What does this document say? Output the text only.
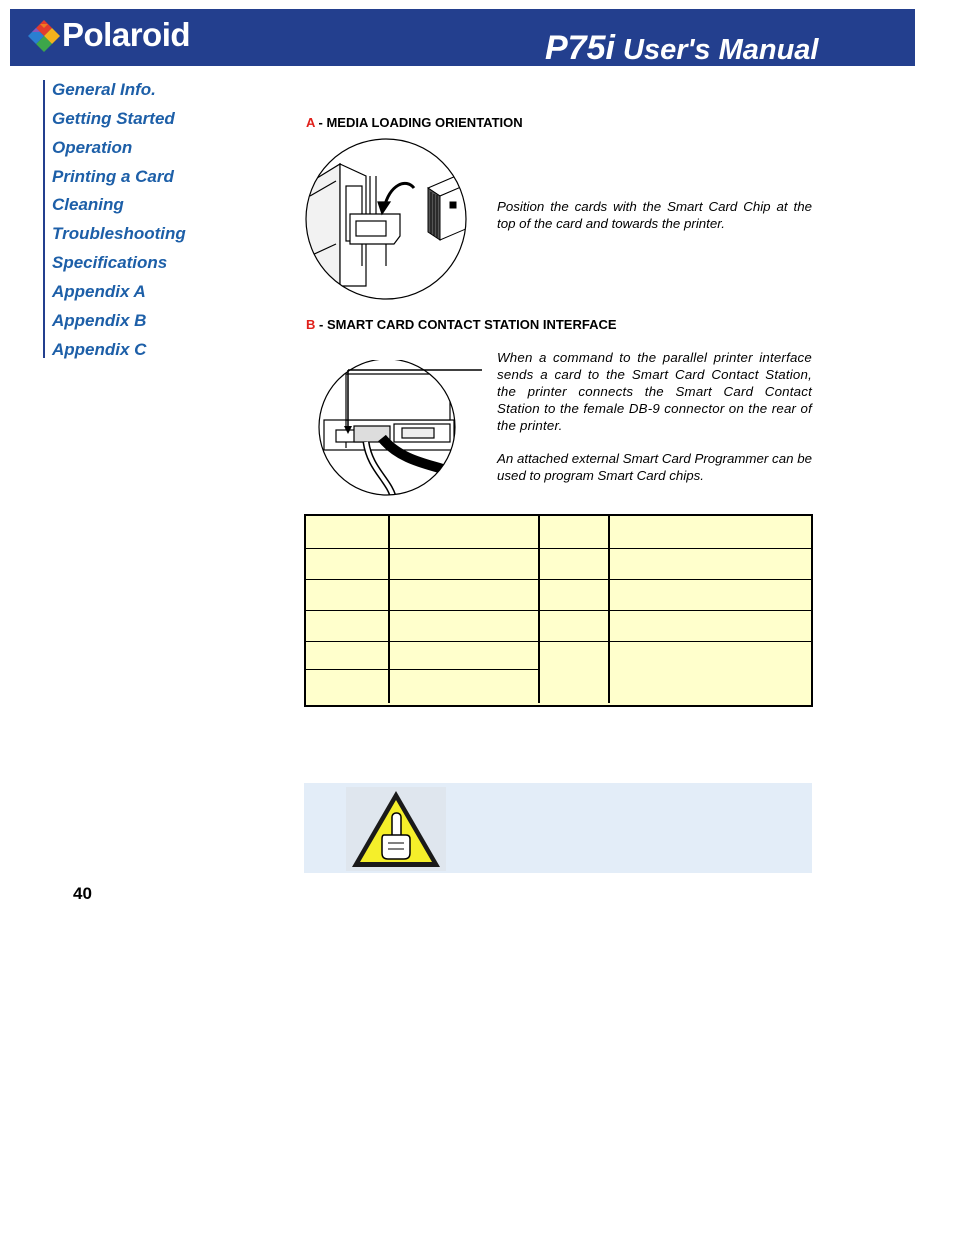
Polaroid	P75i User's Manual
General Info.
Getting Started
Operation
Printing a Card
Cleaning
Troubleshooting
Specifications
Appendix A
Appendix B
Appendix C
A - MEDIA LOADING ORIENTATION
Position the cards with the Smart Card Chip at the top of the card and towards the printer.
B - SMART CARD CONTACT STATION INTERFACE
When a command to the parallel printer interface sends a card to the Smart Card Contact Station, the printer connects the Smart Card Contact Station to the female DB-9 connector on the rear of the printer.
An attached external Smart Card Programmer can be used to program Smart Card chips.
40
